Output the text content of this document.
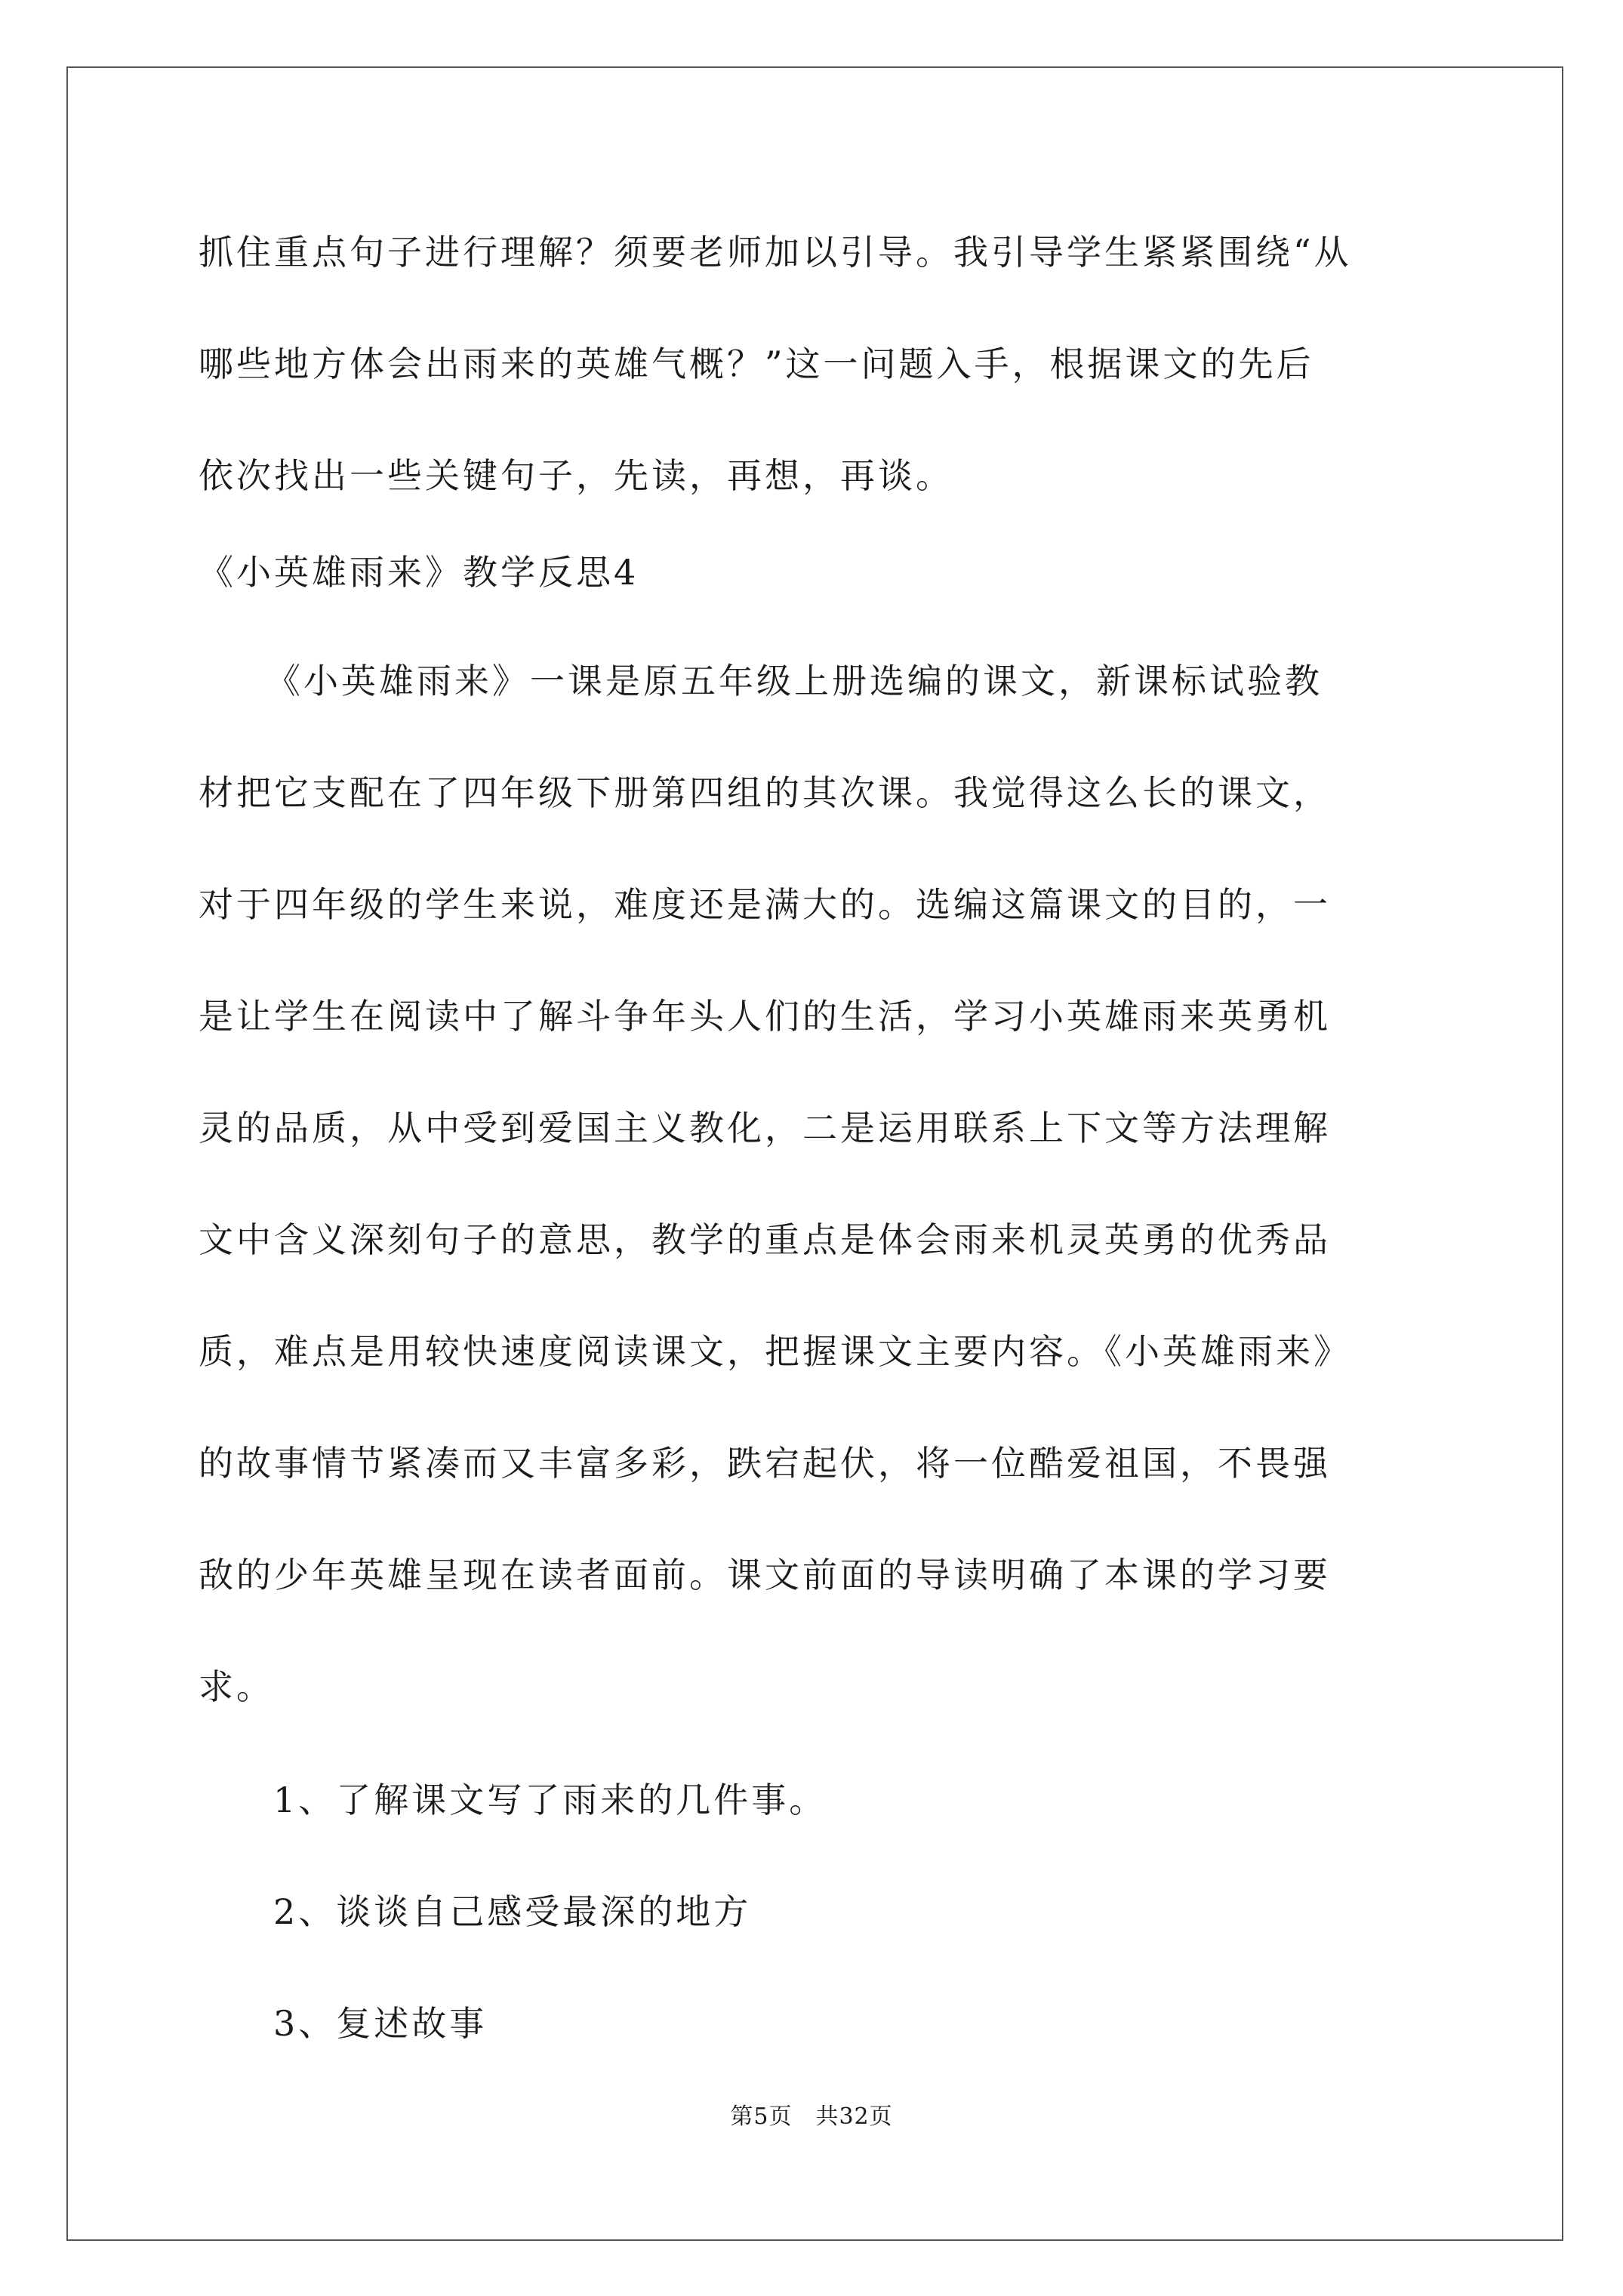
抓住重点句子进行理解？须要老师加以引导。我引导学生紧紧围绕“从
哪些地方体会出雨来的英雄气概？”这一问题入手，根据课文的先后
依次找出一些关键句子，先读，再想，再谈。
《小英雄雨来》教学反思4
《小英雄雨来》一课是原五年级上册选编的课文，新课标试验教
材把它支配在了四年级下册第四组的其次课。我觉得这么长的课文，
对于四年级的学生来说，难度还是满大的。选编这篇课文的目的，一
是让学生在阅读中了解斗争年头人们的生活，学习小英雄雨来英勇机
灵的品质，从中受到爱国主义教化，二是运用联系上下文等方法理解
文中含义深刻句子的意思，教学的重点是体会雨来机灵英勇的优秀品
质，难点是用较快速度阅读课文，把握课文主要内容。《小英雄雨来》
的故事情节紧凑而又丰富多彩，跌宕起伏，将一位酷爱祖国，不畏强
敌的少年英雄呈现在读者面前。课文前面的导读明确了本课的学习要
求。
1、了解课文写了雨来的几件事。
2、谈谈自己感受最深的地方
3、复述故事
第5页　共32页
